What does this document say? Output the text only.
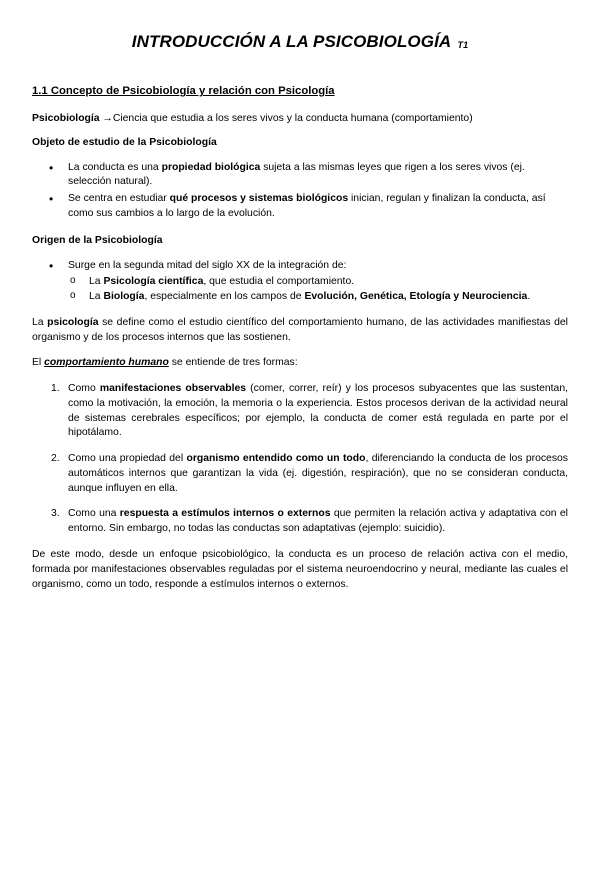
INTRODUCCIÓN A LA PSICOBIOLOGÍA T1
1.1 Concepto de Psicobiología y relación con Psicología

Psicobiología →Ciencia que estudia a los seres vivos y la conducta humana (comportamiento)

Objeto de estudio de la Psicobiología

• La conducta es una propiedad biológica sujeta a las mismas leyes que rigen a los seres vivos (ej. selección natural).
• Se centra en estudiar qué procesos y sistemas biológicos inician, regulan y finalizan la conducta, así como sus cambios a lo largo de la evolución.

Origen de la Psicobiología

• Surge en la segunda mitad del siglo XX de la integración de:
o La Psicología científica, que estudia el comportamiento.
o La Biología, especialmente en los campos de Evolución, Genética, Etología y Neurociencia.

La psicología se define como el estudio científico del comportamiento humano, de las actividades manifiestas del organismo y de los procesos internos que las sostienen.

El comportamiento humano se entiende de tres formas:

1. Como manifestaciones observables (comer, correr, reír) y los procesos subyacentes que las sustentan, como la motivación, la emoción, la memoria o la experiencia. Estos procesos derivan de la actividad neural de sistemas cerebrales específicos; por ejemplo, la conducta de comer está regulada en parte por el hipotálamo.
2. Como una propiedad del organismo entendido como un todo, diferenciando la conducta de los procesos automáticos internos que garantizan la vida (ej. digestión, respiración), que no se consideran conducta, aunque influyen en ella.
3. Como una respuesta a estímulos internos o externos que permiten la relación activa y adaptativa con el entorno. Sin embargo, no todas las conductas son adaptativas (ejemplo: suicidio).

De este modo, desde un enfoque psicobiológico, la conducta es un proceso de relación activa con el medio, formada por manifestaciones observables reguladas por el sistema neuroendocrino y neural, mediante las cuales el organismo, como un todo, responde a estímulos internos o externos.
